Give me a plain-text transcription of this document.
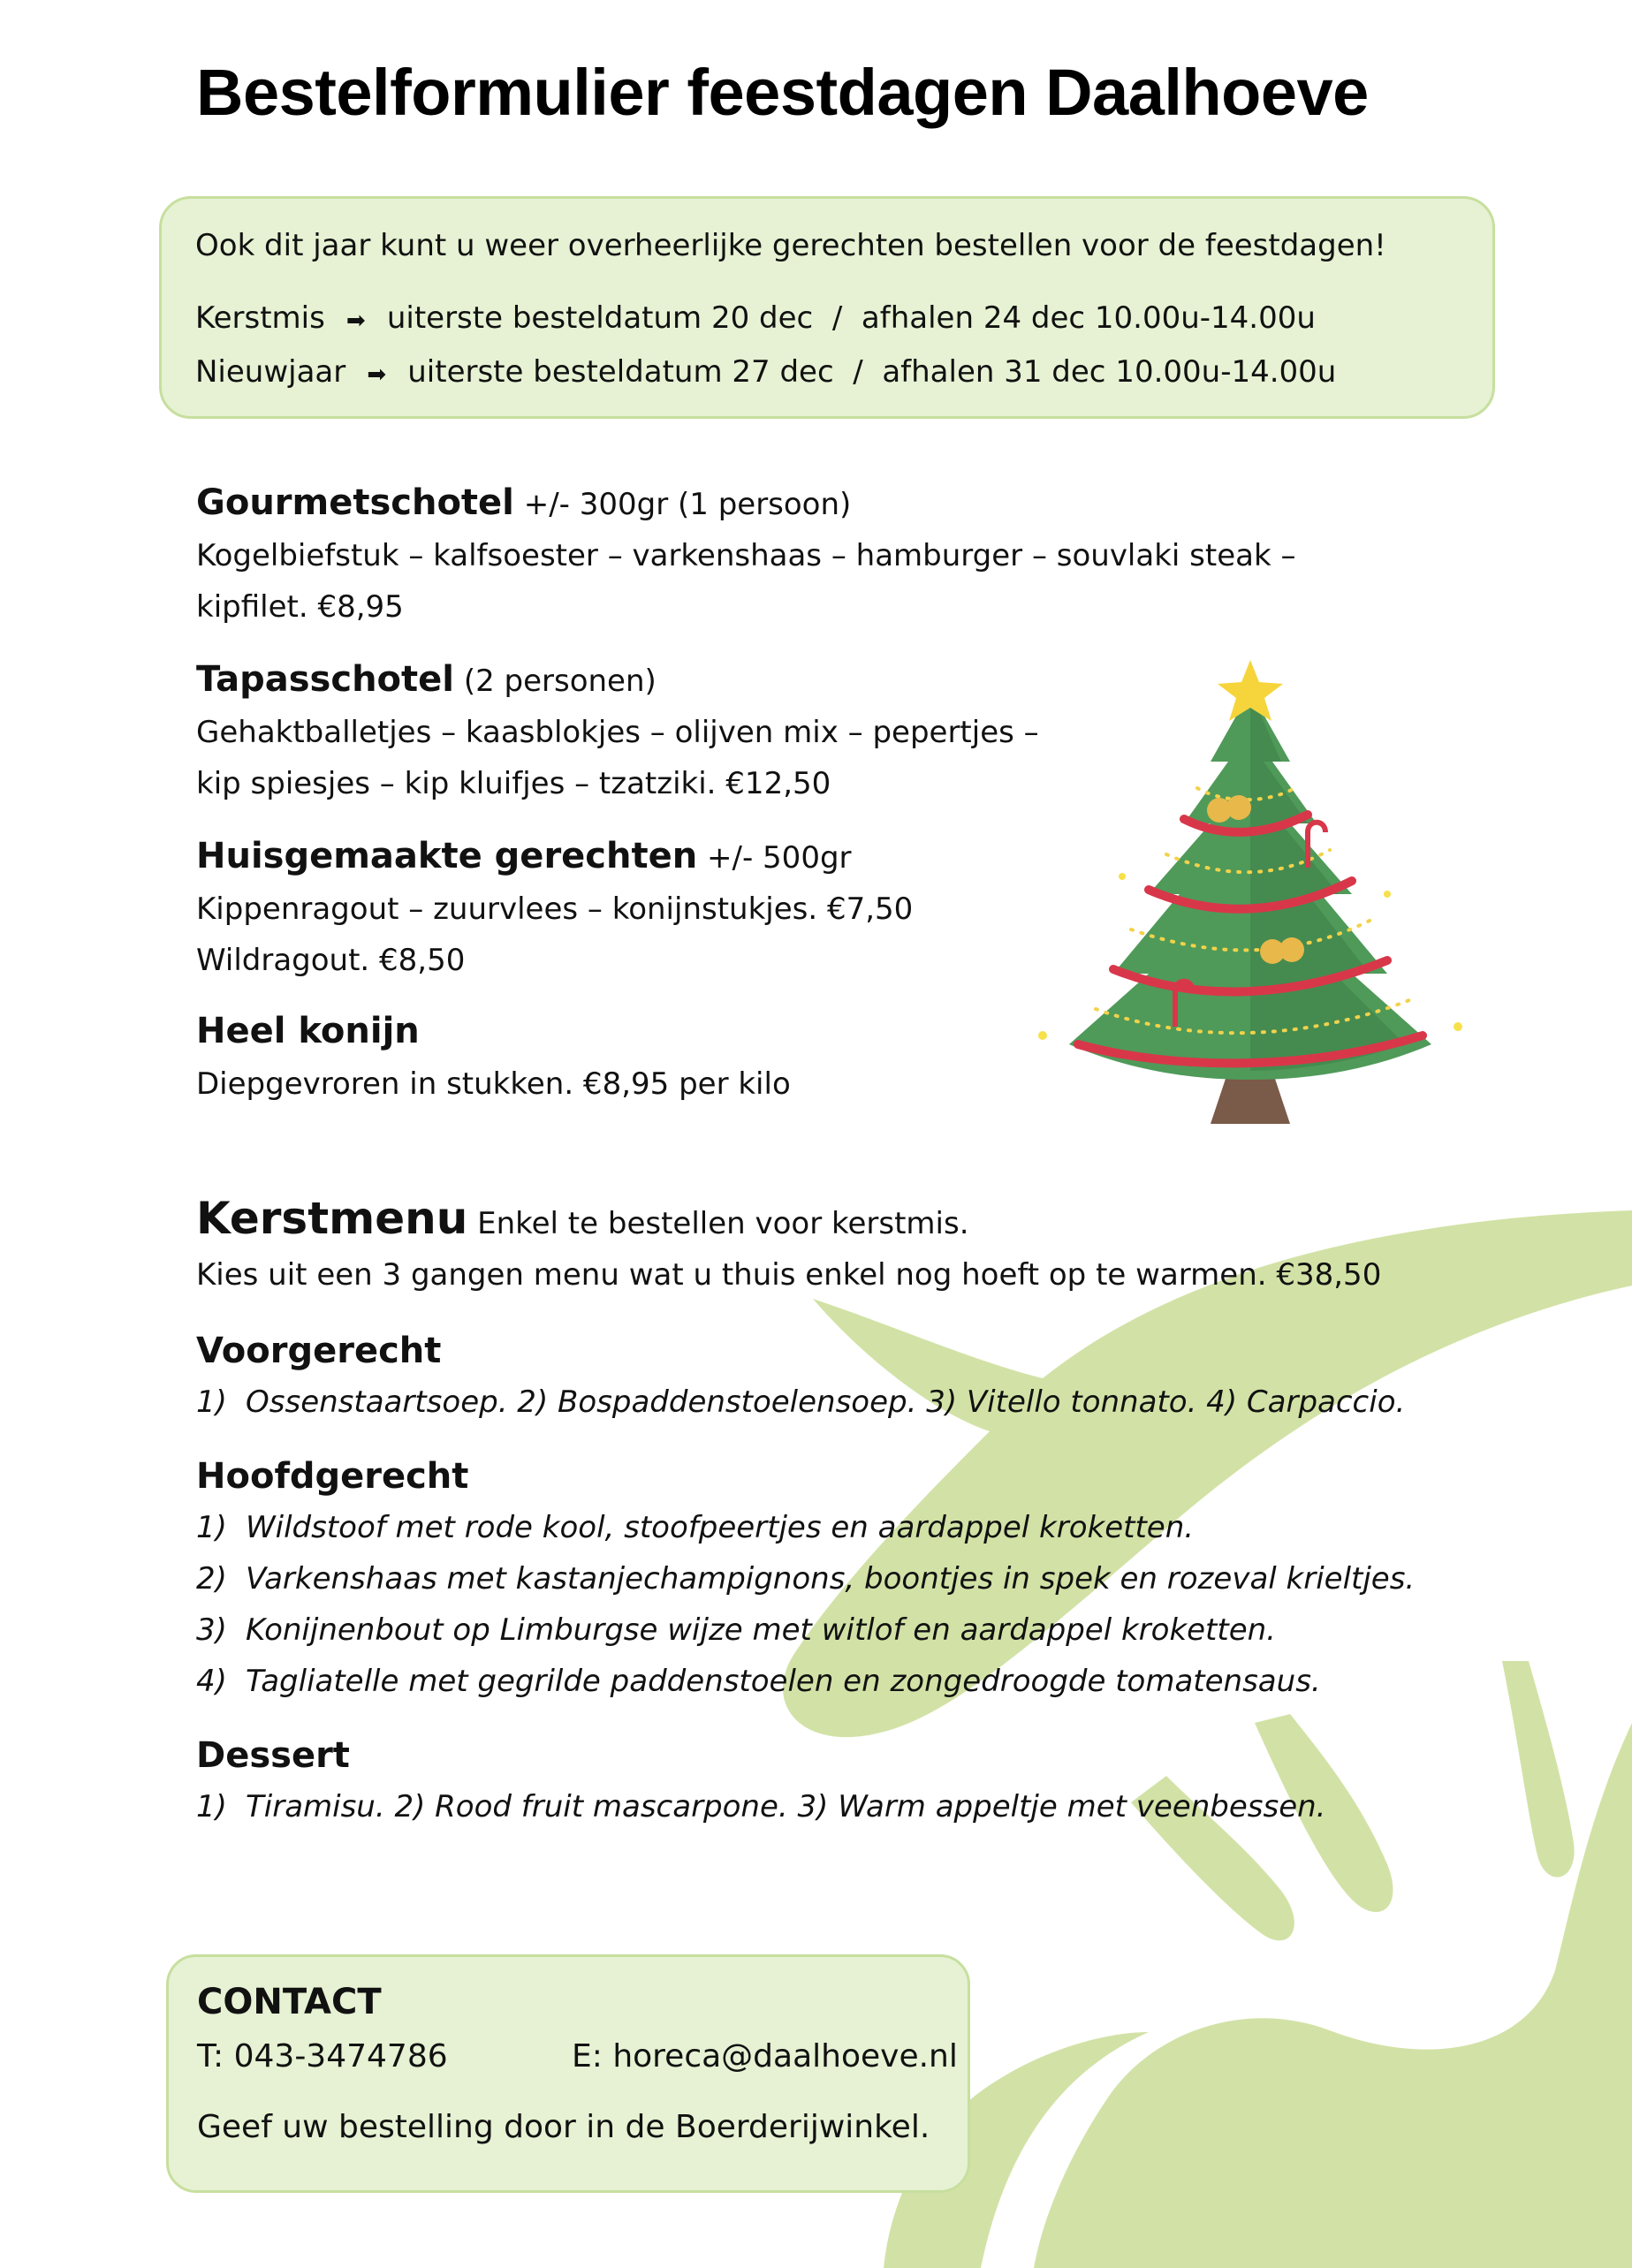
Bestelformulier feestdagen Daalhoeve
Ook dit jaar kunt u weer overheerlijke gerechten bestellen voor de feestdagen!
Kerstmis ➡ uiterste besteldatum 20 dec  /  afhalen 24 dec 10.00u-14.00u
Nieuwjaar ➡ uiterste besteldatum 27 dec  /  afhalen 31 dec 10.00u-14.00u
Gourmetschotel +/- 300gr (1 persoon)
Kogelbiefstuk – kalfsoester – varkenshaas – hamburger – souvlaki steak –
kipfilet. €8,95
Tapasschotel (2 personen)
Gehaktballetjes – kaasblokjes – olijven mix – pepertjes –
kip spiesjes – kip kluifjes – tzatziki. €12,50
Huisgemaakte gerechten +/- 500gr
Kippenragout – zuurvlees – konijnstukjes. €7,50
Wildragout. €8,50
Heel konijn
Diepgevroren in stukken. €8,95 per kilo
Kerstmenu Enkel te bestellen voor kerstmis.
Kies uit een 3 gangen menu wat u thuis enkel nog hoeft op te warmen. €38,50
Voorgerecht
1) Ossenstaartsoep. 2) Bospaddenstoelensoep. 3) Vitello tonnato. 4) Carpaccio.
Hoofdgerecht
1) Wildstoof met rode kool, stoofpeertjes en aardappel kroketten.
2) Varkenshaas met kastanjechampignons, boontjes in spek en rozeval krieltjes.
3) Konijnenbout op Limburgse wijze met witlof en aardappel kroketten.
4) Tagliatelle met gegrilde paddenstoelen en zongedroogde tomatensaus.
Dessert
1) Tiramisu. 2) Rood fruit mascarpone. 3) Warm appeltje met veenbessen.
CONTACT
T: 043-3474786	E: horeca@daalhoeve.nl
Geef uw bestelling door in de Boerderijwinkel.
